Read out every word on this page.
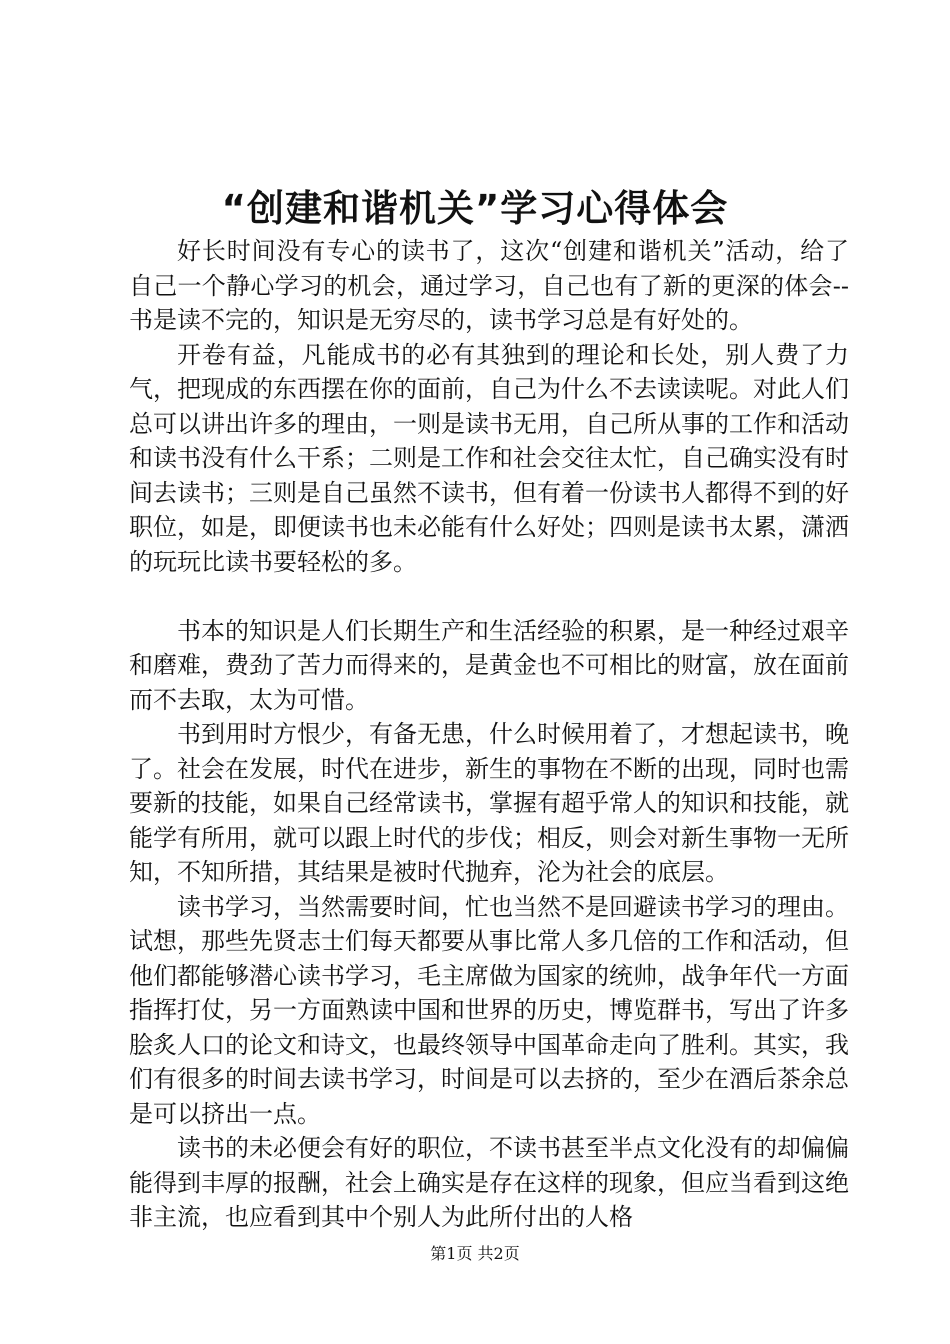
“创建和谐机关”学习心得体会

好长时间没有专心的读书了，这次“创建和谐机关”活动，给了自己一个静心学习的机会，通过学习，自己也有了新的更深的体会--书是读不完的，知识是无穷尽的，读书学习总是有好处的。

开卷有益，凡能成书的必有其独到的理论和长处，别人费了力气，把现成的东西摆在你的面前，自己为什么不去读读呢。对此人们总可以讲出许多的理由，一则是读书无用，自己所从事的工作和活动和读书没有什么干系；二则是工作和社会交往太忙，自己确实没有时间去读书；三则是自己虽然不读书，但有着一份读书人都得不到的好职位，如是，即便读书也未必能有什么好处；四则是读书太累，潇洒的玩玩比读书要轻松的多。

书本的知识是人们长期生产和生活经验的积累，是一种经过艰辛和磨难，费劲了苦力而得来的，是黄金也不可相比的财富，放在面前而不去取，太为可惜。

书到用时方恨少，有备无患，什么时候用着了，才想起读书，晚了。社会在发展，时代在进步，新生的事物在不断的出现，同时也需要新的技能，如果自己经常读书，掌握有超乎常人的知识和技能，就能学有所用，就可以跟上时代的步伐；相反，则会对新生事物一无所知，不知所措，其结果是被时代抛弃，沦为社会的底层。

读书学习，当然需要时间，忙也当然不是回避读书学习的理由。试想，那些先贤志士们每天都要从事比常人多几倍的工作和活动，但他们都能够潜心读书学习，毛主席做为国家的统帅，战争年代一方面指挥打仗，另一方面熟读中国和世界的历史，博览群书，写出了许多脍炙人口的论文和诗文，也最终领导中国革命走向了胜利。其实，我们有很多的时间去读书学习，时间是可以去挤的，至少在酒后茶余总是可以挤出一点。

读书的未必便会有好的职位，不读书甚至半点文化没有的却偏偏能得到丰厚的报酬，社会上确实是存在这样的现象，但应当看到这绝非主流，也应看到其中个别人为此所付出的人格

第1页 共2页
